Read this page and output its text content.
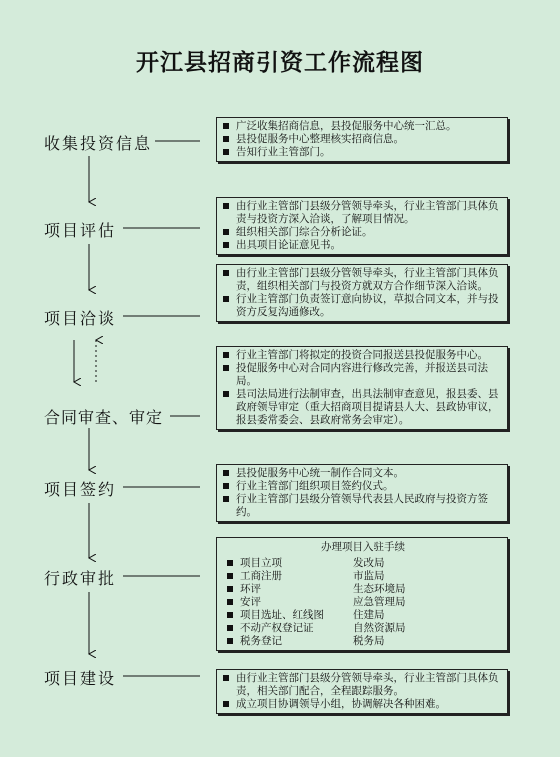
开江县招商引资工作流程图
收集投资信息
广泛收集招商信息，县投促服务中心统一汇总。
县投促服务中心整理核实招商信息。
告知行业主管部门。
项目评估
由行业主管部门县级分管领导牵头，行业主管部门具体负责与投资方深入洽谈，了解项目情况。
组织相关部门综合分析论证。
出具项目论证意见书。
项目洽谈
由行业主管部门县级分管领导牵头，行业主管部门具体负责，组织相关部门与投资方就双方合作细节深入洽谈。
行业主管部门负责签订意向协议，草拟合同文本，并与投资方反复沟通修改。
合同审查、审定
行业主管部门将拟定的投资合同报送县投促服务中心。
投促服务中心对合同内容进行修改完善，并报送县司法局。
县司法局进行法制审查，出具法制审查意见，报县委、县政府领导审定（重大招商项目提请县人大、县政协审议，报县委常委会、县政府常务会审定）。
项目签约
县投促服务中心统一制作合同文本。
行业主管部门组织项目签约仪式。
行业主管部门县级分管领导代表县人民政府与投资方签约。
行政审批
办理项目入驻手续
项目立项	发改局
工商注册	市监局
环评	生态环境局
安评	应急管理局
项目选址、红线图	住建局
不动产权登记证	自然资源局
税务登记	税务局
项目建设	由行业主管部门县级分管领导牵头，行业主管部门具体负责，相关部门配合，全程跟踪服务。
成立项目协调领导小组，协调解决各种困难。
